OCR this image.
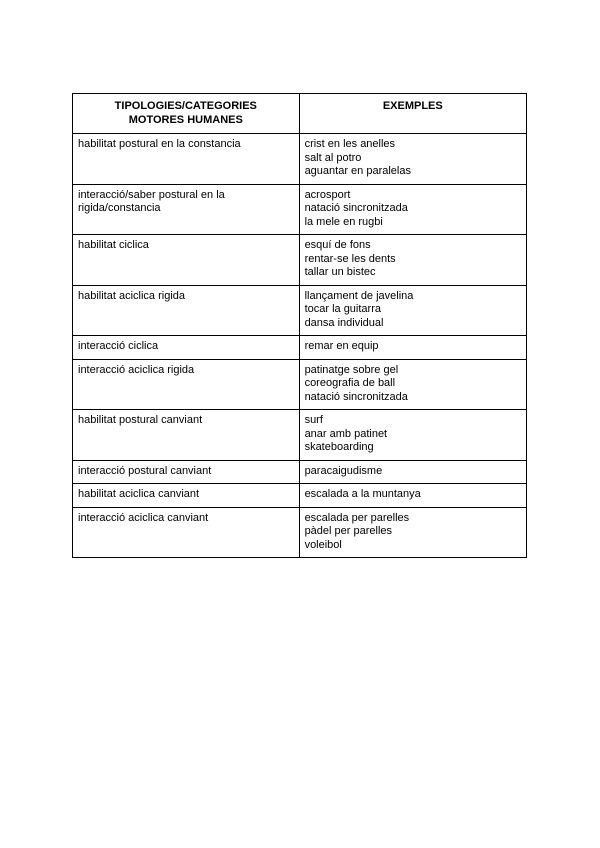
TIPOLOGIES/CATEGORIES
MOTORES HUMANES	EXEMPLES
habilitat postural en la constancia	crist en les anelles
salt al potro
aguantar en paralelas

interacció/saber postural en la rigida/constancia	acrosport
natació sincronitzada
la mele en rugbi

habilitat ciclica	esquí de fons
rentar-se les dents
tallar un bistec

habilitat aciclica rigida	llançament de javelina
tocar la guitarra
dansa individual

interacció ciclica	remar en equip

interacció aciclica rigida	patinatge sobre gel
coreografia de ball
natació sincronitzada

habilitat postural canviant	surf
anar amb patinet
skateboarding

interacció postural canviant	paracaigudisme

habilitat aciclica canviant	escalada a la muntanya

interacció aciclica canviant	escalada per parelles
pàdel per parelles
voleibol
